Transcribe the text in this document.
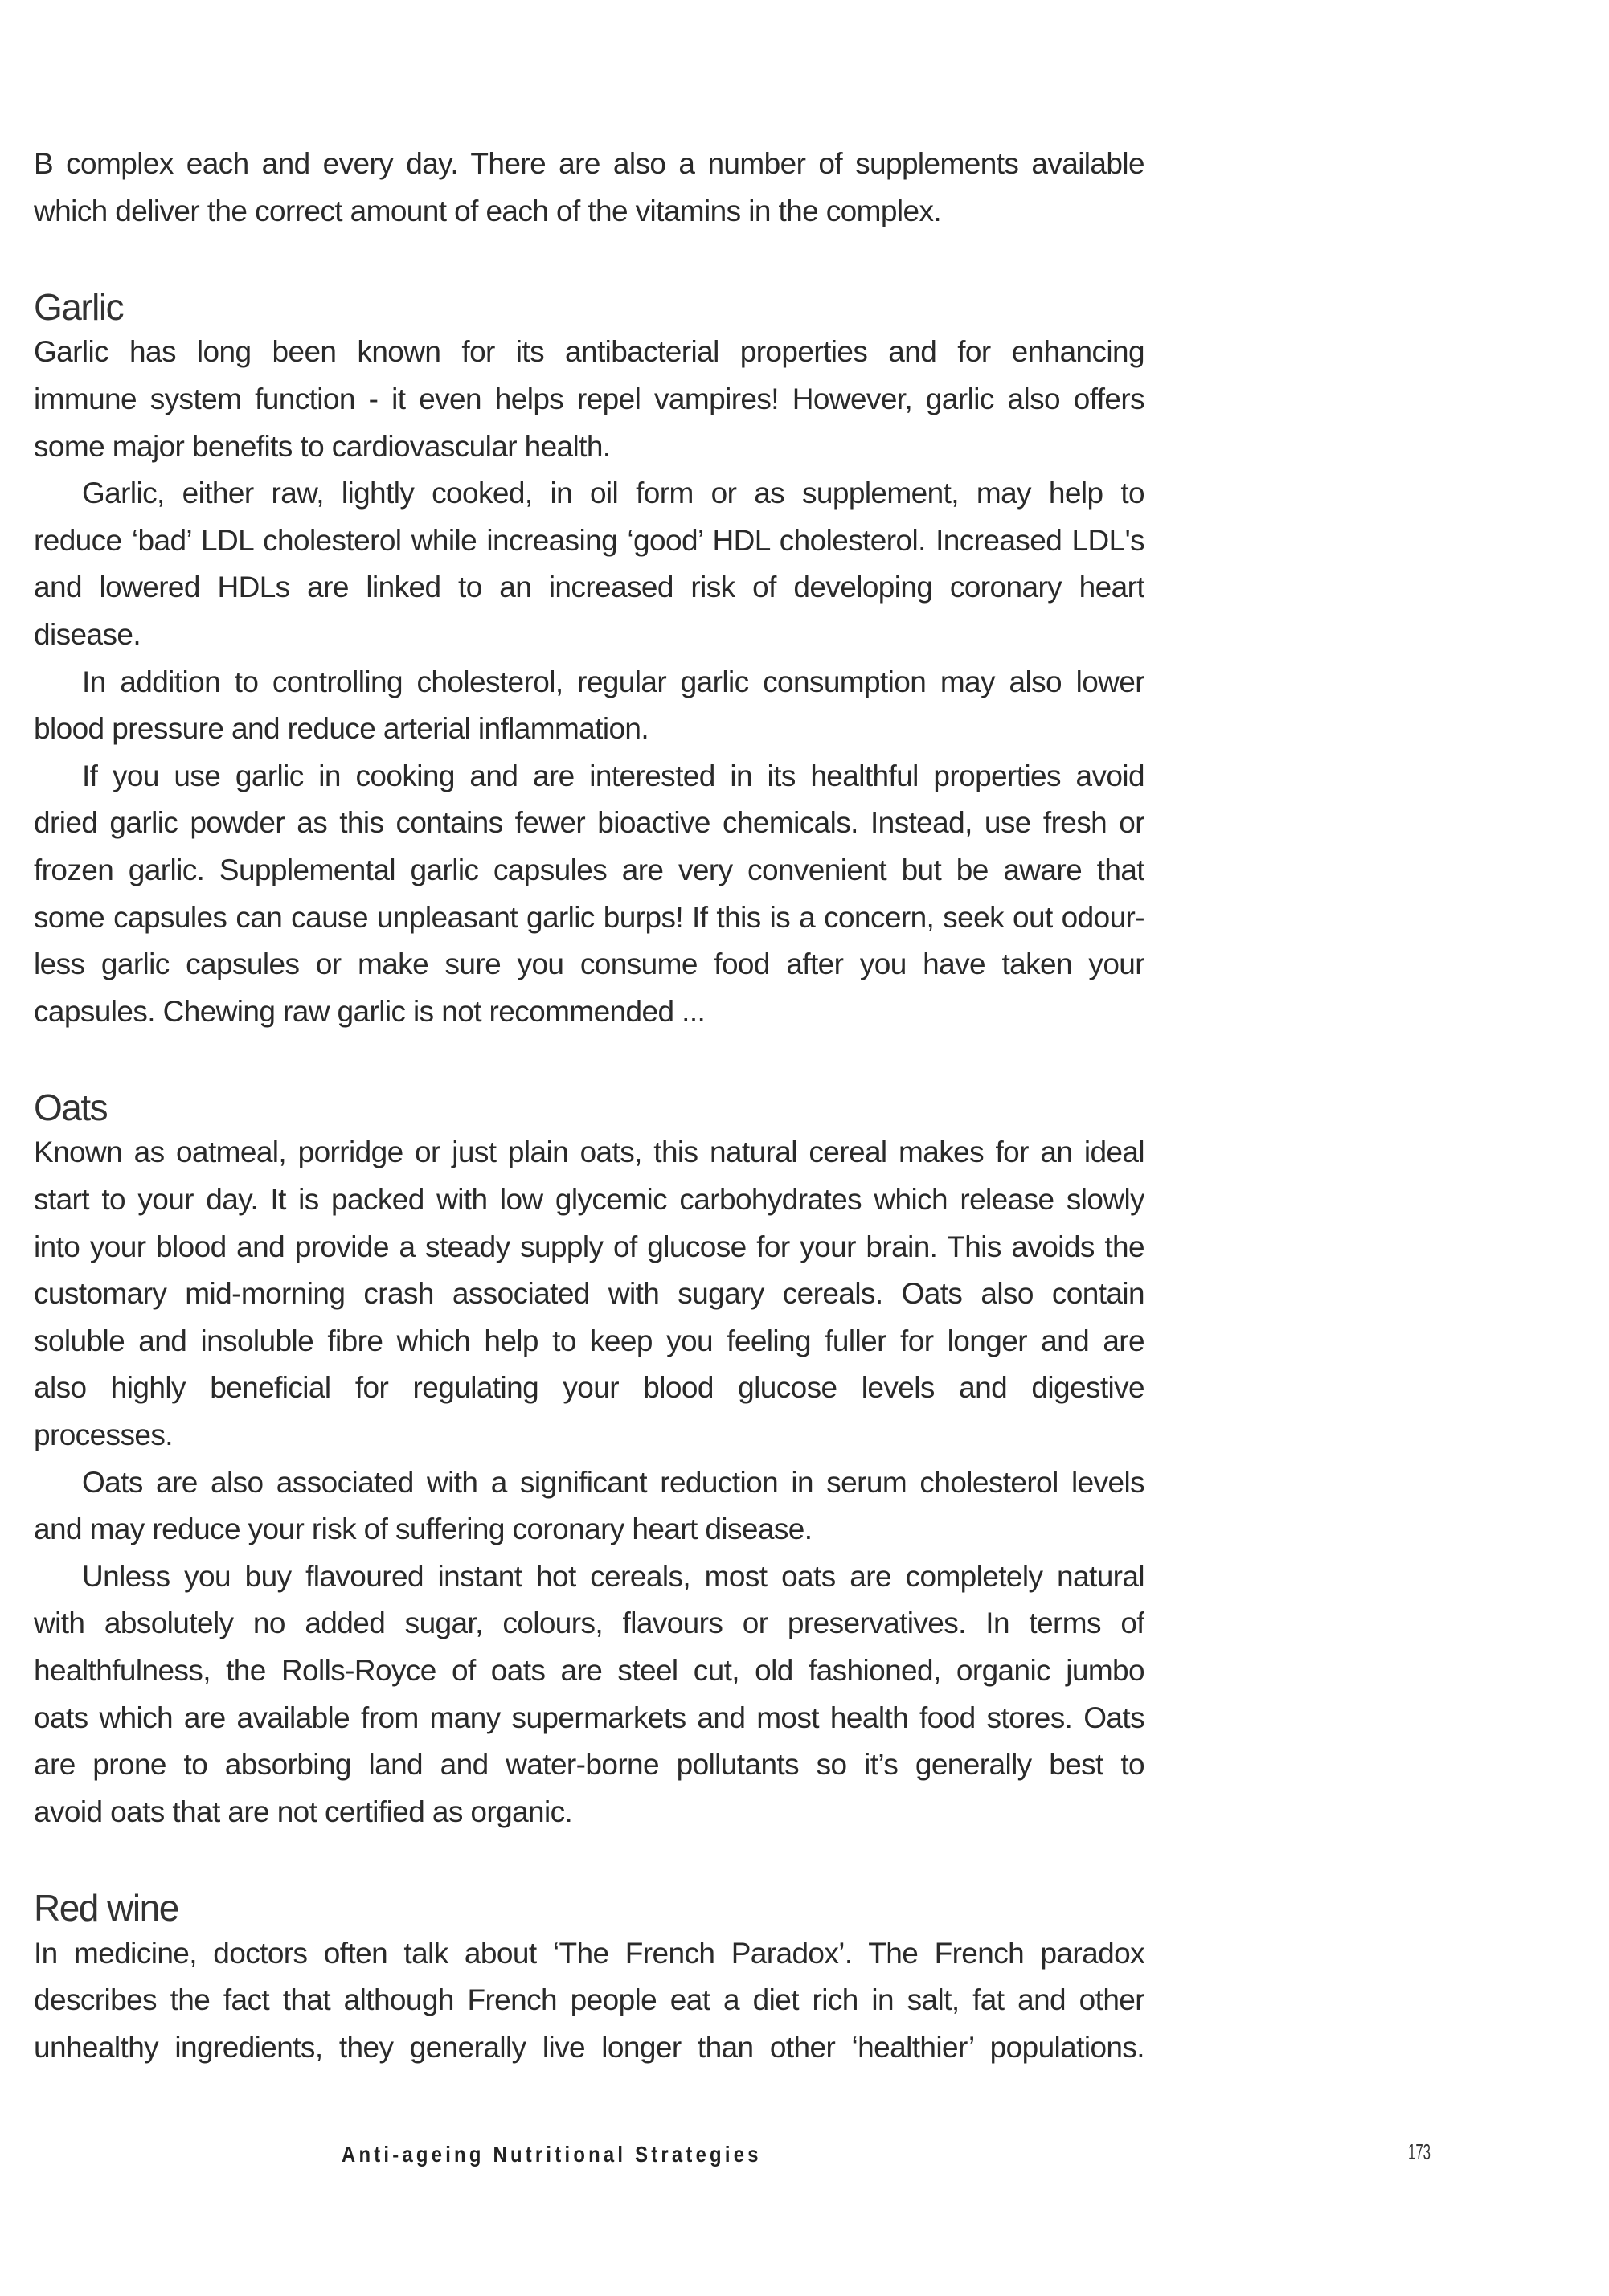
B complex each and every day. There are also a number of supplements available
which deliver the correct amount of each of the vitamins in the complex.
Garlic
Garlic has long been known for its antibacterial properties and for enhancing
immune system function - it even helps repel vampires! However, garlic also offers
some major benefits to cardiovascular health.
Garlic, either raw, lightly cooked, in oil form or as supplement, may help to
reduce ‘bad’ LDL cholesterol while increasing ‘good’ HDL cholesterol. Increased LDL's
and lowered HDLs are linked to an increased risk of developing coronary heart
disease.
In addition to controlling cholesterol, regular garlic consumption may also lower
blood pressure and reduce arterial inflammation.
If you use garlic in cooking and are interested in its healthful properties avoid
dried garlic powder as this contains fewer bioactive chemicals. Instead, use fresh or
frozen garlic. Supplemental garlic capsules are very convenient but be aware that
some capsules can cause unpleasant garlic burps! If this is a concern, seek out odour-
less garlic capsules or make sure you consume food after you have taken your
capsules. Chewing raw garlic is not recommended ...
Oats
Known as oatmeal, porridge or just plain oats, this natural cereal makes for an ideal
start to your day. It is packed with low glycemic carbohydrates which release slowly
into your blood and provide a steady supply of glucose for your brain. This avoids the
customary mid-morning crash associated with sugary cereals. Oats also contain
soluble and insoluble fibre which help to keep you feeling fuller for longer and are
also highly beneficial for regulating your blood glucose levels and digestive
processes.
Oats are also associated with a significant reduction in serum cholesterol levels
and may reduce your risk of suffering coronary heart disease.
Unless you buy flavoured instant hot cereals, most oats are completely natural
with absolutely no added sugar, colours, flavours or preservatives. In terms of
healthfulness, the Rolls-Royce of oats are steel cut, old fashioned, organic jumbo
oats which are available from many supermarkets and most health food stores. Oats
are prone to absorbing land and water-borne pollutants so it’s generally best to
avoid oats that are not certified as organic.
Red wine
In medicine, doctors often talk about ‘The French Paradox’. The French paradox
describes the fact that although French people eat a diet rich in salt, fat and other
unhealthy ingredients, they generally live longer than other ‘healthier’ populations.
Anti-ageing Nutritional Strategies	173
